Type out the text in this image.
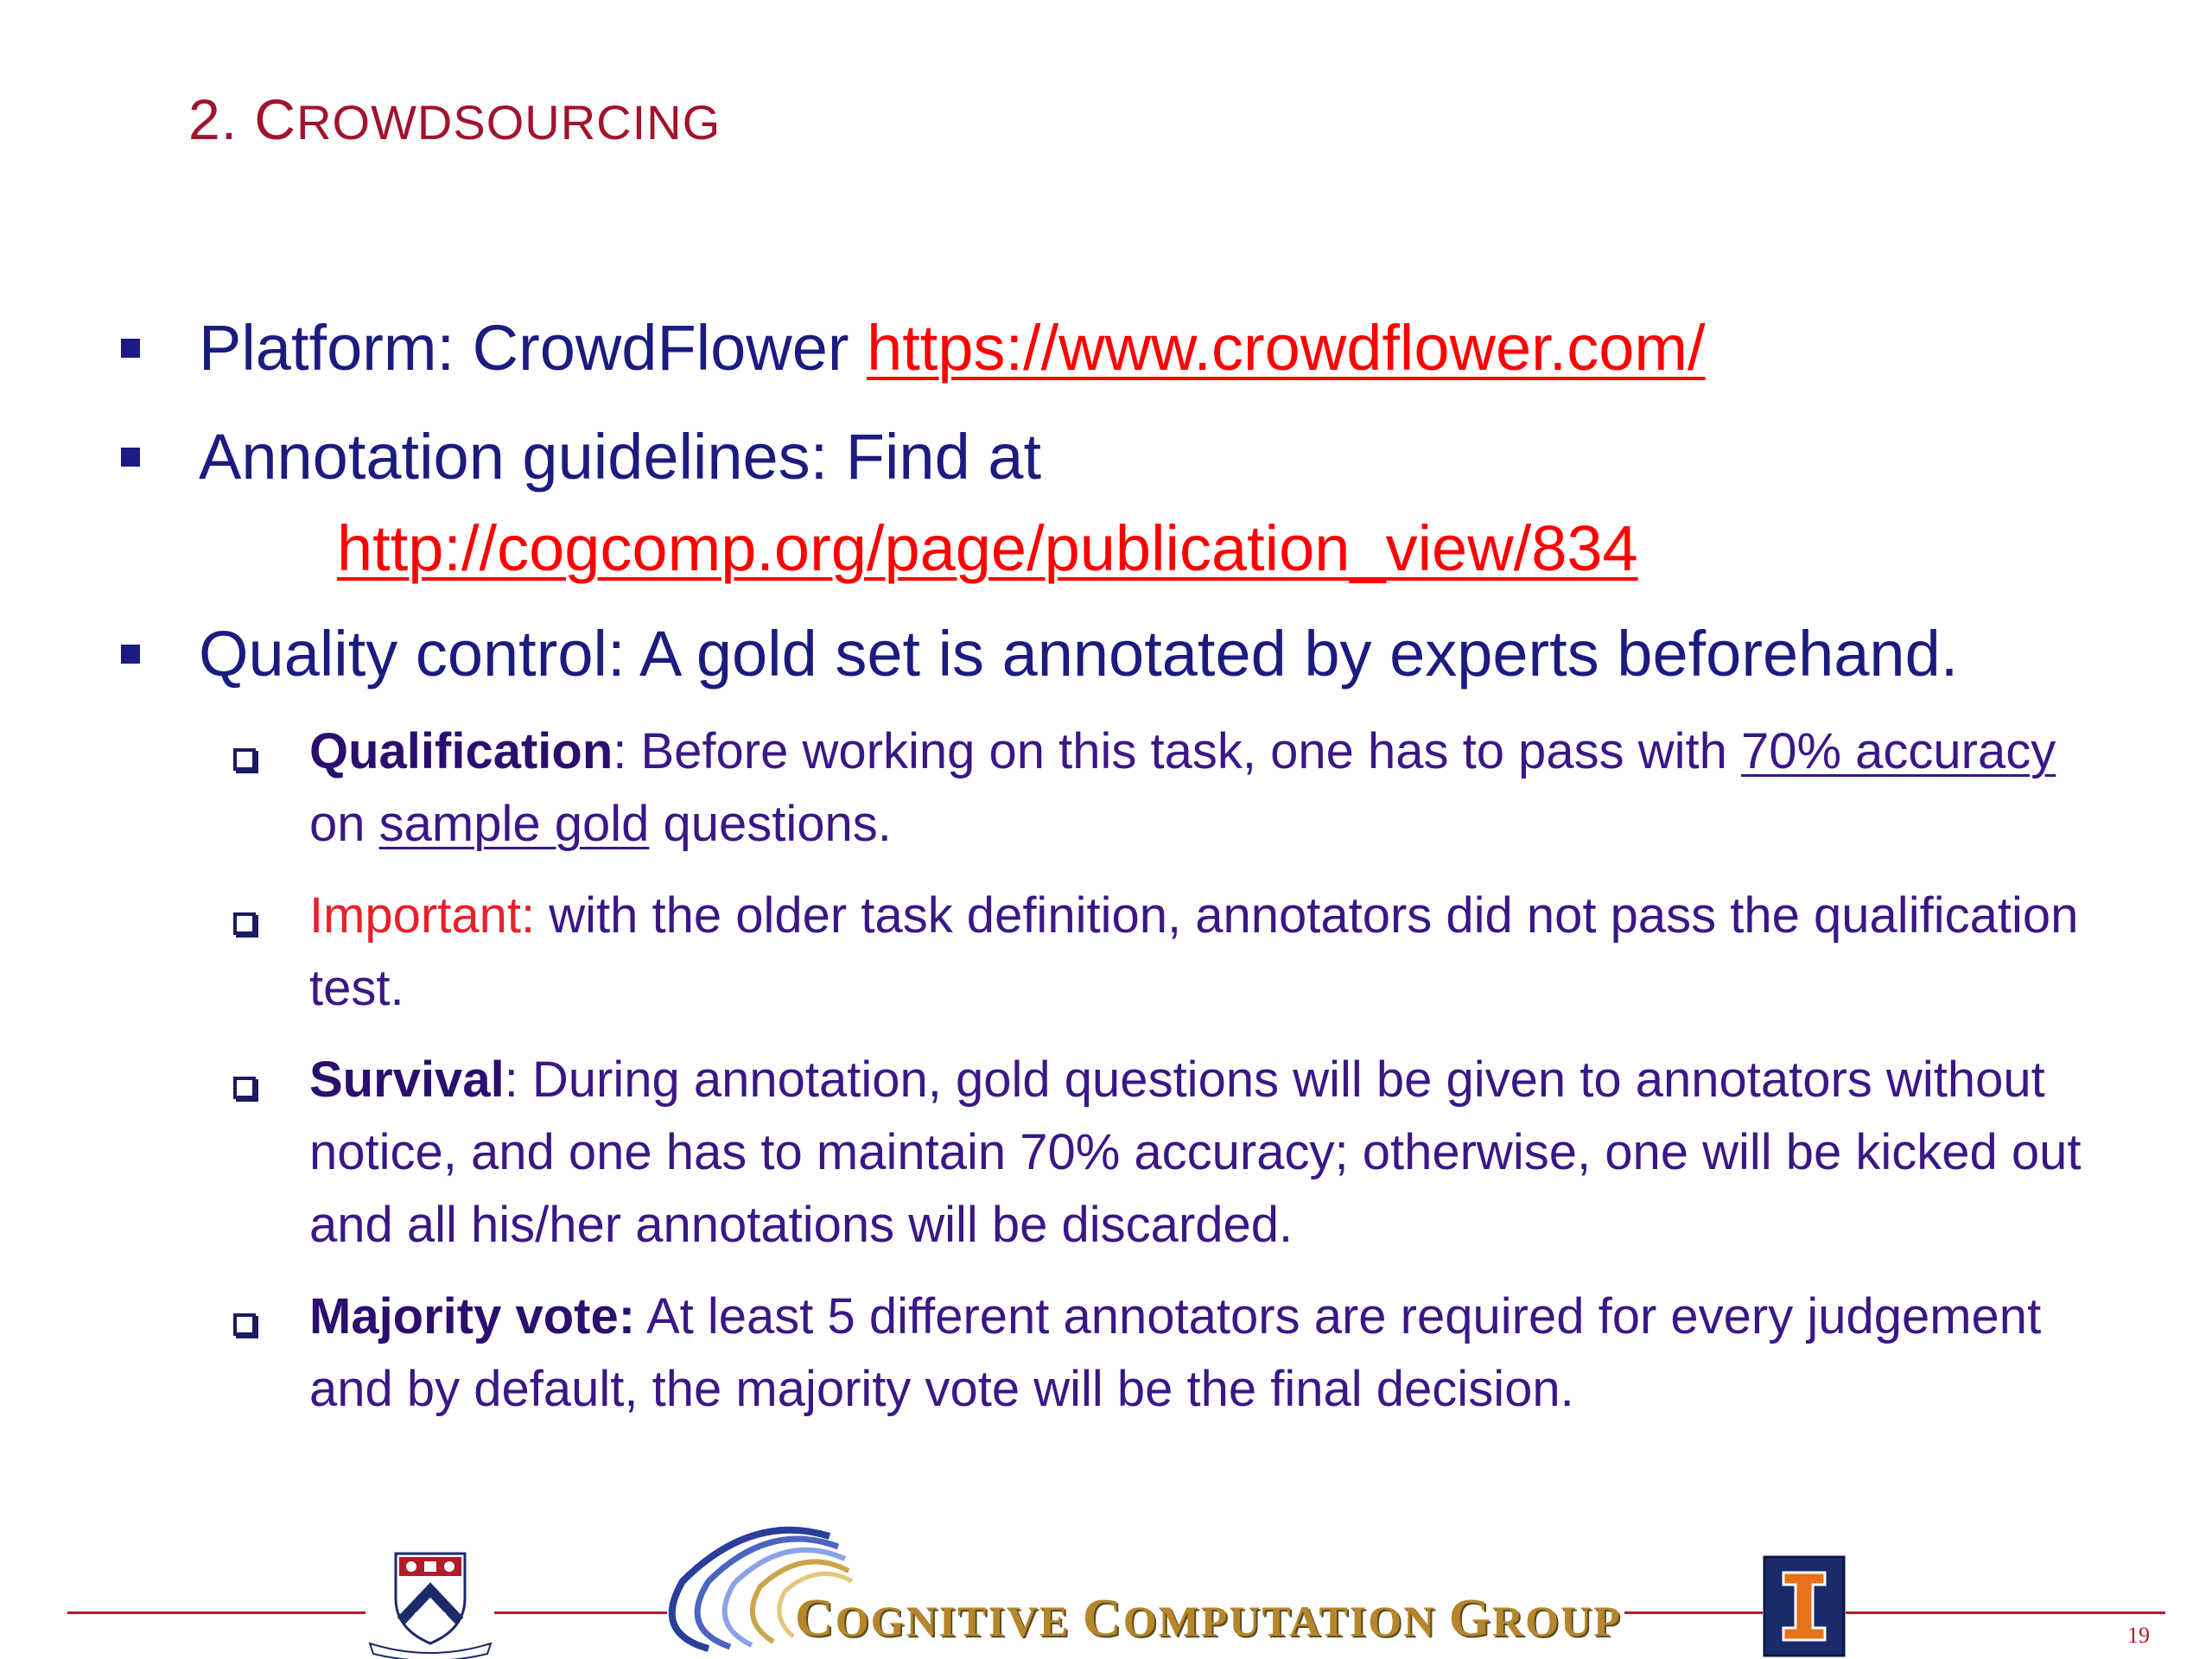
2. CROWDSOURCING
Platform: CrowdFlower https://www.crowdflower.com/
Annotation guidelines: Find at
http://cogcomp.org/page/publication_view/834
Quality control: A gold set is annotated by experts beforehand.
Qualification: Before working on this task, one has to pass with 70% accuracy on sample gold questions.
Important: with the older task definition, annotators did not pass the qualification test.
Survival: During annotation, gold questions will be given to annotators without notice, and one has to maintain 70% accuracy; otherwise, one will be kicked out and all his/her annotations will be discarded.
Majority vote: At least 5 different annotators are required for every judgement and by default, the majority vote will be the final decision.
COGNITIVE COMPUTATION GROUP	19
